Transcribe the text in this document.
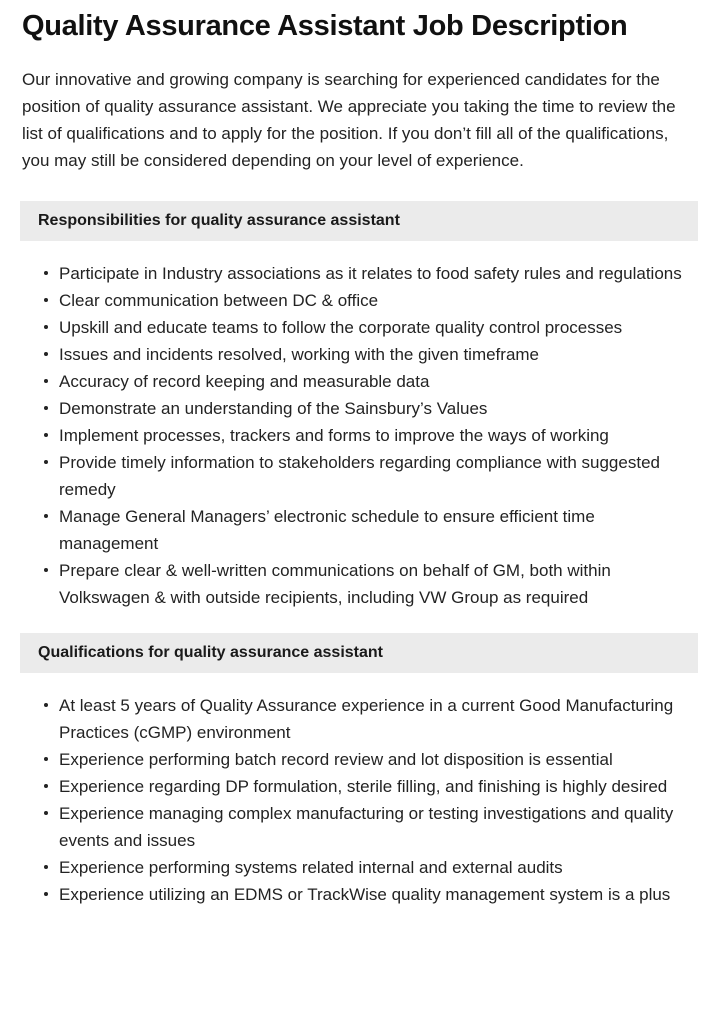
Quality Assurance Assistant Job Description

Our innovative and growing company is searching for experienced candidates for the position of quality assurance assistant. We appreciate you taking the time to review the list of qualifications and to apply for the position. If you don’t fill all of the qualifications, you may still be considered depending on your level of experience.

Responsibilities for quality assurance assistant
Participate in Industry associations as it relates to food safety rules and regulations
Clear communication between DC & office
Upskill and educate teams to follow the corporate quality control processes
Issues and incidents resolved, working with the given timeframe
Accuracy of record keeping and measurable data
Demonstrate an understanding of the Sainsbury’s Values
Implement processes, trackers and forms to improve the ways of working
Provide timely information to stakeholders regarding compliance with suggested remedy
Manage General Managers’ electronic schedule to ensure efficient time management
Prepare clear & well-written communications on behalf of GM, both within Volkswagen & with outside recipients, including VW Group as required
Qualifications for quality assurance assistant
At least 5 years of Quality Assurance experience in a current Good Manufacturing Practices (cGMP) environment
Experience performing batch record review and lot disposition is essential
Experience regarding DP formulation, sterile filling, and finishing is highly desired
Experience managing complex manufacturing or testing investigations and quality events and issues
Experience performing systems related internal and external audits
Experience utilizing an EDMS or TrackWise quality management system is a plus
